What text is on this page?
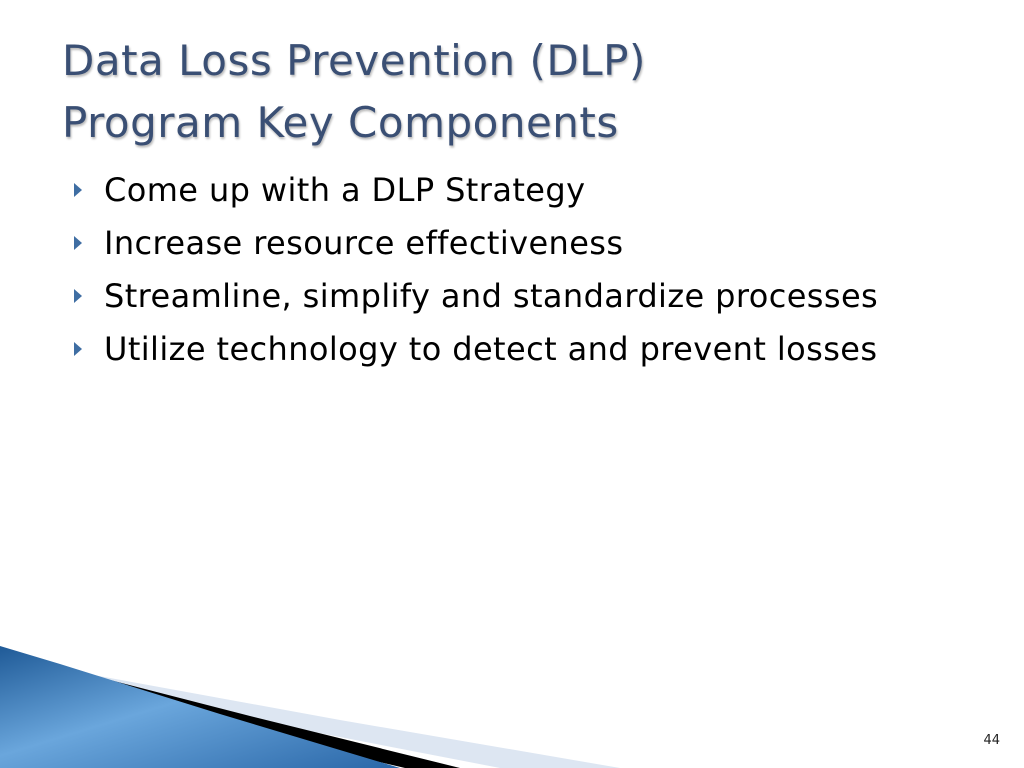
Data Loss Prevention (DLP)
Program Key Components
Come up with a DLP Strategy
Increase resource effectiveness
Streamline, simplify and standardize processes
Utilize technology to detect and prevent losses
44
